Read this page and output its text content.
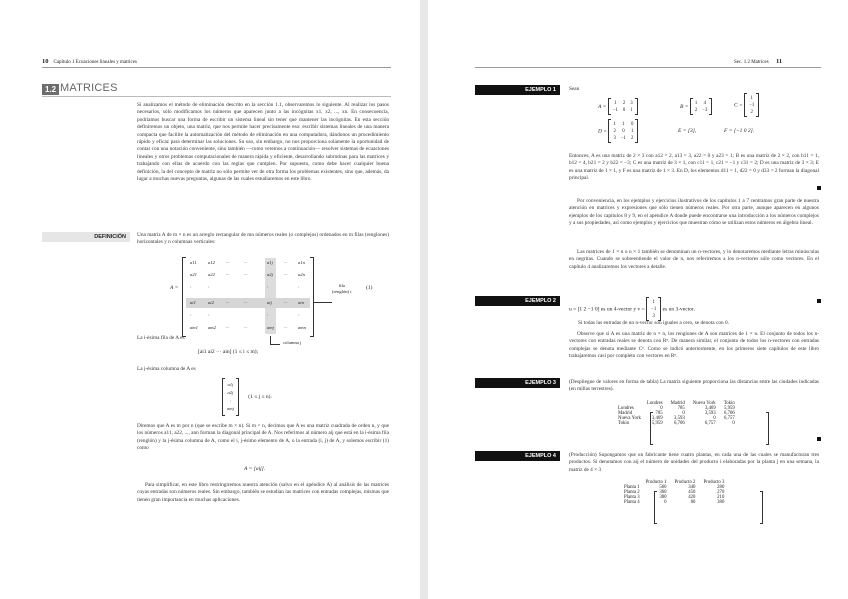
10 Capítulo 1 Ecuaciones lineales y matrices
1.2 MATRICES
Si analizamos el método de eliminación descrito en la sección 1.1, observaremos lo siguiente. Al realizar los pasos necesarios, sólo modificamos los números que aparecen junto a las incógnitas x1, x2, ..., xn. En consecuencia, podríamos buscar una forma de escribir un sistema lineal sin tener que mantener las incógnitas. En esta sección definiremos un objeto, una matriz, que nos permite hacer precisamente eso: escribir sistemas lineales de una manera compacta que facilite la automatización del método de eliminación en una computadora, dándonos un procedimiento rápido y eficaz para determinar las soluciones. Su uso, sin embargo, no nos proporciona solamente la oportunidad de contar con una notación conveniente, sino también —como veremos a continuación— resolver sistemas de ecuaciones lineales y otros problemas computacionales de manera rápida y eficiente, desarrollando subrutinas para las matrices y trabajando con ellas de acuerdo con las reglas que cumplen. Por supuesto, como debe hacer cualquier buena definición, la del concepto de matriz no sólo permite ver de otra forma los problemas existentes, sino que, además, da lugar a muchas nuevas preguntas, algunas de las cuales estudiaremos en este libro.
DEFINICIÓN	Una matriz A de m × n es un arreglo rectangular de mn números reales (o complejos) ordenados en m filas (renglones) horizontales y n columnas verticales:
A =
a11 a12 ···	···	a1j ··· a1n
a21 a22 ···	···	a2j ··· a2n
:	:	:	:
ai1	ai2	···	···	aij	··· ain
:	:	:	:
am1 am2 ···	···	amj ··· amn
fila
(renglón) i
columna j
(1)
La i-ésima fila de A es
[ai1 ai2 ··· ain] (1 ≤ i ≤ m);
La j-ésima columna de A es
a1j
a2j
:
amj
(1 ≤ j ≤ n).
Diremos que A es m por n (que se escribe m × n). Si m = n, decimos que A es una matriz cuadrada de orden n, y que los números a11, a22, ..., ann forman la diagonal principal de A. Nos referimos al número aij que está en la i-ésima fila (renglón) y la j-ésima columna de A, como el i, j-ésimo elemento de A, o la entrada (i, j) de A, y solemos escribir (1) como
A = [aij].
Para simplificar, en este libro restringiremos nuestra atención (salvo en el apéndice A) al análisis de las matrices cuyas entradas son números reales. Sin embargo, también se estudian las matrices con entradas complejas, mismas que tienen gran importancia en muchas aplicaciones.
Sec. 1.2 Matrices 11
EJEMPLO 1	Sean
A =
1 2 3
−1 0 1
B =
1 4
2 −3
C =
1
−1
2
D =
1 1 0
2 0 1
3 −1 2
E = [3],	F = [−1 0 2].
Entonces, A es una matriz de 2 × 3 con a12 = 2, a13 = 3, a22 = 0 y a23 = 1; B es una matriz de 2 × 2, con b11 = 1, b12 = 4, b21 = 2 y b22 = −3; C es una matriz de 3 × 1, con c11 = 1, c21 = −1 y c31 = 2; D es una matriz de 3 × 3; E es una matriz de 1 × 1, y F es una matriz de 1 × 3. En D, los elementos d11 = 1, d22 = 0 y d33 = 2 forman la diagonal principal.
Por conveniencia, en los ejemplos y ejercicios ilustrativos de los capítulos 1 a 7 centramos gran parte de nuestra atención en matrices y expresiones que sólo tienen números reales. Por otra parte, aunque aparecen en algunos ejemplos de los capítulos 8 y 9, en el apéndice A donde puede encontrarse una introducción a los números complejos y a sus propiedades, así como ejemplos y ejercicios que muestran cómo se utilizan estos números en álgebra lineal.
Las matrices de 1 × n o n × 1 también se denominan un n-vectores, y lo denotaremos mediante letras minúsculas en negritas. Cuando se sobreentiende el valor de n, nos referiremos a los n-vectores sólo como vectores. En el capítulo 4 analizaremos los vectores a detalle.
EJEMPLO 2
u = [1 2 −1 0] es un 4-vector y v =
1
−1
3
es un 3-vector.
Si todas las entradas de un n-vector son iguales a cero, se denota con 0.
Observe que si A es una matriz de n × n, los renglones de A son matrices de 1 × n. El conjunto de todos los n-vectores con entradas reales se denota con Rⁿ. De manera similar, el conjunto de todos los n-vectores con entradas complejas se denota mediante Cⁿ. Como se indicó anteriormente, en los primeros siete capítulos de este libro trabajaremos casi por completo con vectores en Rⁿ.
EJEMPLO 3	(Despliegue de valores en forma de tabla) La matriz siguiente proporciona las distancias entre las ciudades indicadas (en millas terrestres).
	Londres	Madrid	Nueva York	Tokio
Londres	0	785	3,469	5,959
Madrid	785	0	3,593	6,706
Nueva York	3,469	3,593	0	6,757
Tokio	5,959	6,706	6,757	0
EJEMPLO 4	(Producción) Supongamos que un fabricante tiene cuatro plantas, en cada una de las cuales se manufacturan tres productos. Si denotamos con aij el número de unidades del producto i elaboradas por la planta j en una semana, la matriz de 4 × 3
	Producto 1	Producto 2	Producto 3
Planta 1	560	340	280
Planta 2	360	450	270
Planta 3	380	420	210
Planta 4	0	80	380
